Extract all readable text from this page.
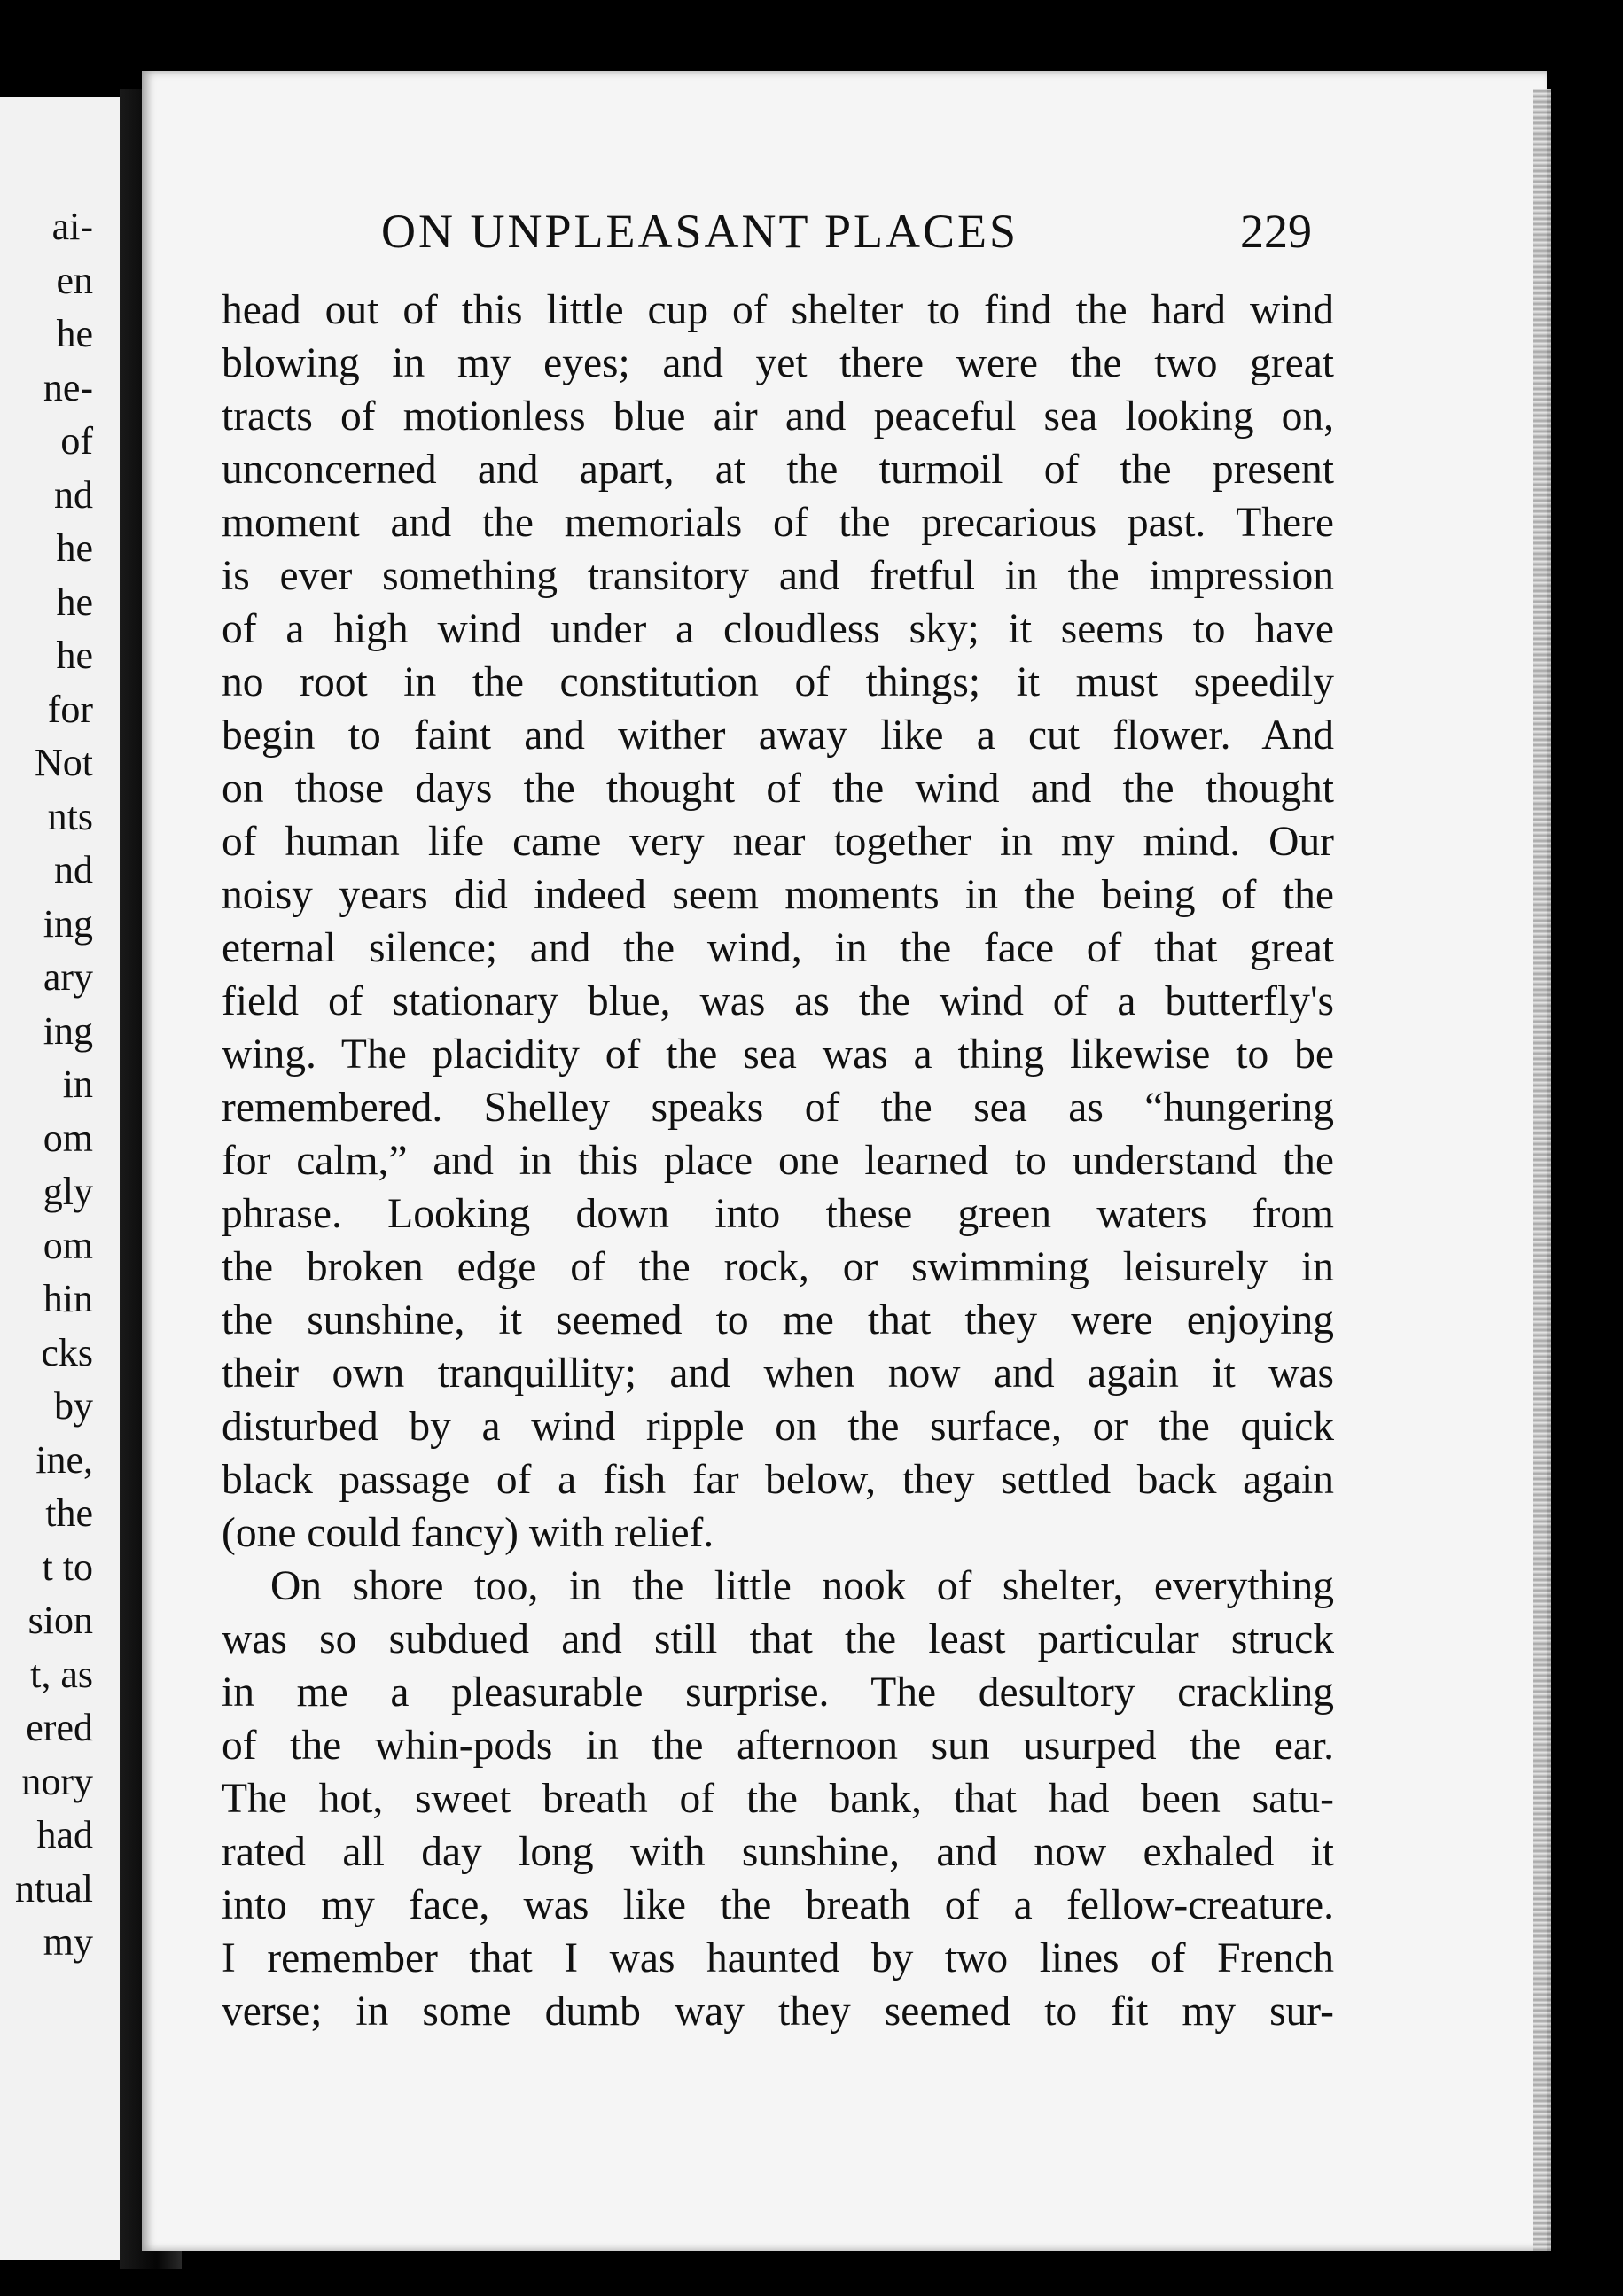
ai-
en
he
ne-
of
nd
he
he
he
for
Not
nts
nd
ing
ary
ing
in
om
gly
om
hin
cks
by
ine,
the
t to
sion
t, as
ered
nory
had
ntual
my
ON UNPLEASANT PLACES	229
head out of this little cup of shelter to find the hard wind
blowing in my eyes; and yet there were the two great
tracts of motionless blue air and peaceful sea looking on,
unconcerned and apart, at the turmoil of the present
moment and the memorials of the precarious past. There
is ever something transitory and fretful in the impression
of a high wind under a cloudless sky; it seems to have
no root in the constitution of things; it must speedily
begin to faint and wither away like a cut flower. And
on those days the thought of the wind and the thought
of human life came very near together in my mind. Our
noisy years did indeed seem moments in the being of the
eternal silence; and the wind, in the face of that great
field of stationary blue, was as the wind of a butterfly's
wing. The placidity of the sea was a thing likewise to be
remembered. Shelley speaks of the sea as “hungering
for calm,” and in this place one learned to understand the
phrase. Looking down into these green waters from
the broken edge of the rock, or swimming leisurely in
the sunshine, it seemed to me that they were enjoying
their own tranquillity; and when now and again it was
disturbed by a wind ripple on the surface, or the quick
black passage of a fish far below, they settled back again
(one could fancy) with relief.
On shore too, in the little nook of shelter, everything
was so subdued and still that the least particular struck
in me a pleasurable surprise. The desultory crackling
of the whin-pods in the afternoon sun usurped the ear.
The hot, sweet breath of the bank, that had been satu-
rated all day long with sunshine, and now exhaled it
into my face, was like the breath of a fellow-creature.
I remember that I was haunted by two lines of French
verse; in some dumb way they seemed to fit my sur-
